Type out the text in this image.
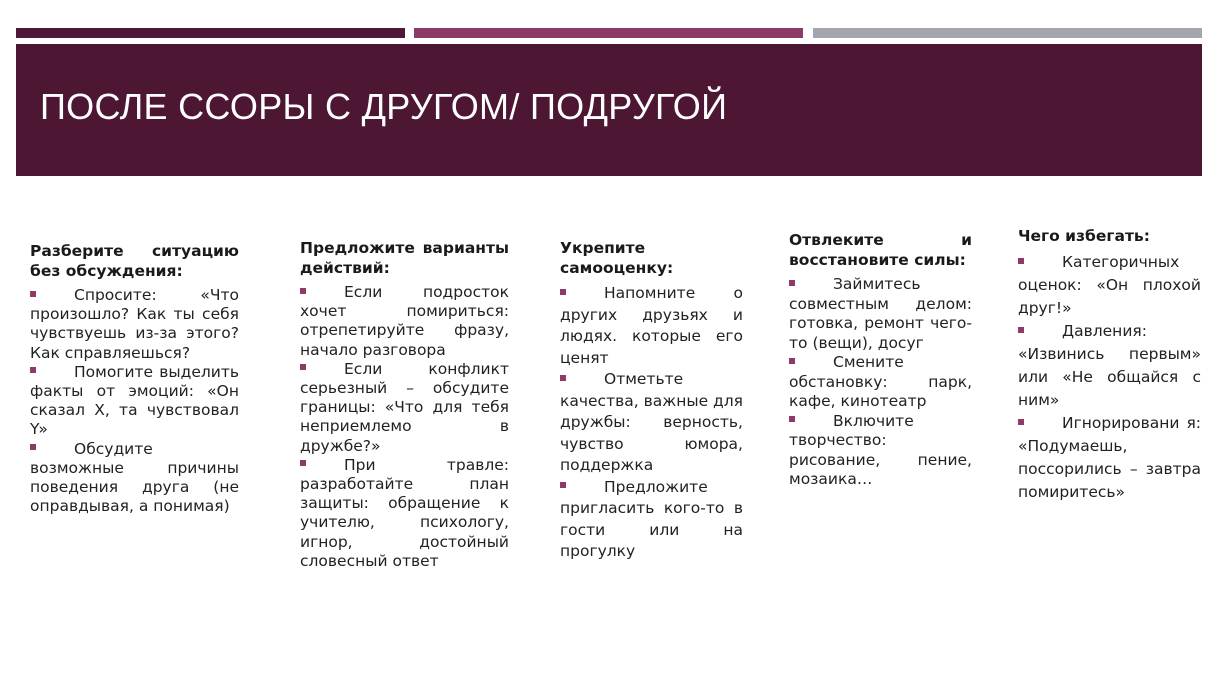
ПОСЛЕ ССОРЫ С ДРУГОМ/ ПОДРУГОЙ
Разберите ситуацию без обсуждения:
Спросите: «Что произошло? Как ты себя чувствуешь из-за этого? Как справляешься?
Помогите выделить факты от эмоций: «Он сказал X, та чувствовал Y»
Обсудите возможные причины поведения друга (не оправдывая, а понимая)
Предложите варианты действий:
Если подросток хочет помириться: отрепетируйте фразу, начало разговора
Если конфликт серьезный – обсудите границы: «Что для тебя неприемлемо в дружбе?»
При травле: разработайте план защиты: обращение к учителю, психологу, игнор, достойный словесный ответ
Укрепите самооценку:
Напомните о других друзьях и людях. которые его ценят
Отметьте качества, важные для дружбы: верность, чувство юмора, поддержка
Предложите пригласить кого-то в гости или на прогулку
Отвлеките и восстановите силы:
Займитесь совместным делом: готовка, ремонт чего-то (вещи), досуг
Смените обстановку: парк, кафе, кинотеатр
Включите творчество: рисование, пение, мозаика…
Чего избегать:
Категоричных оценок: «Он плохой друг!»
Давления: «Извинись первым» или «Не общайся с ним»
Игнорировани я: «Подумаешь, поссорились – завтра помиритесь»
